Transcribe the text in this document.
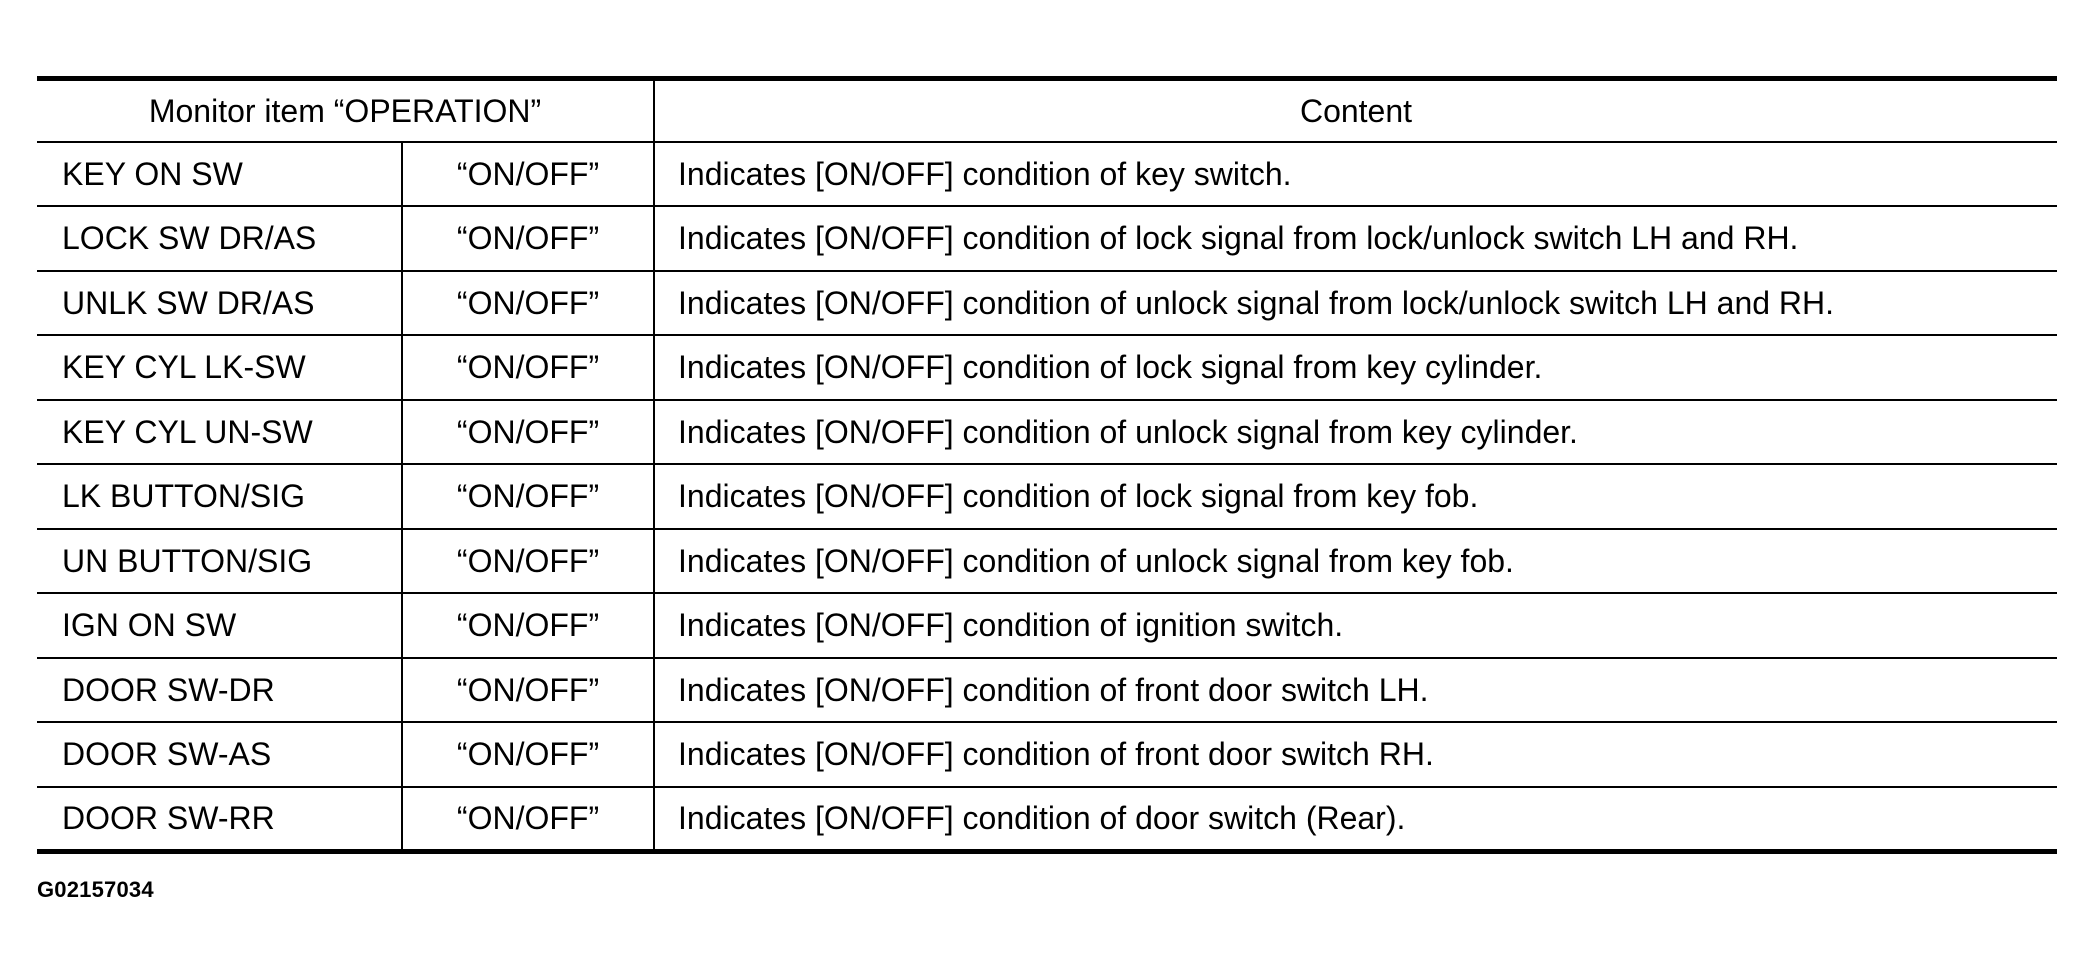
Monitor item “OPERATION”		Content
KEY ON SW	“ON/OFF”	Indicates [ON/OFF] condition of key switch.
LOCK SW DR/AS	“ON/OFF”	Indicates [ON/OFF] condition of lock signal from lock/unlock switch LH and RH.
UNLK SW DR/AS	“ON/OFF”	Indicates [ON/OFF] condition of unlock signal from lock/unlock switch LH and RH.
KEY CYL LK-SW	“ON/OFF”	Indicates [ON/OFF] condition of lock signal from key cylinder.
KEY CYL UN-SW	“ON/OFF”	Indicates [ON/OFF] condition of unlock signal from key cylinder.
LK BUTTON/SIG	“ON/OFF”	Indicates [ON/OFF] condition of lock signal from key fob.
UN BUTTON/SIG	“ON/OFF”	Indicates [ON/OFF] condition of unlock signal from key fob.
IGN ON SW	“ON/OFF”	Indicates [ON/OFF] condition of ignition switch.
DOOR SW-DR	“ON/OFF”	Indicates [ON/OFF] condition of front door switch LH.
DOOR SW-AS	“ON/OFF”	Indicates [ON/OFF] condition of front door switch RH.
DOOR SW-RR	“ON/OFF”	Indicates [ON/OFF] condition of door switch (Rear).
G02157034
